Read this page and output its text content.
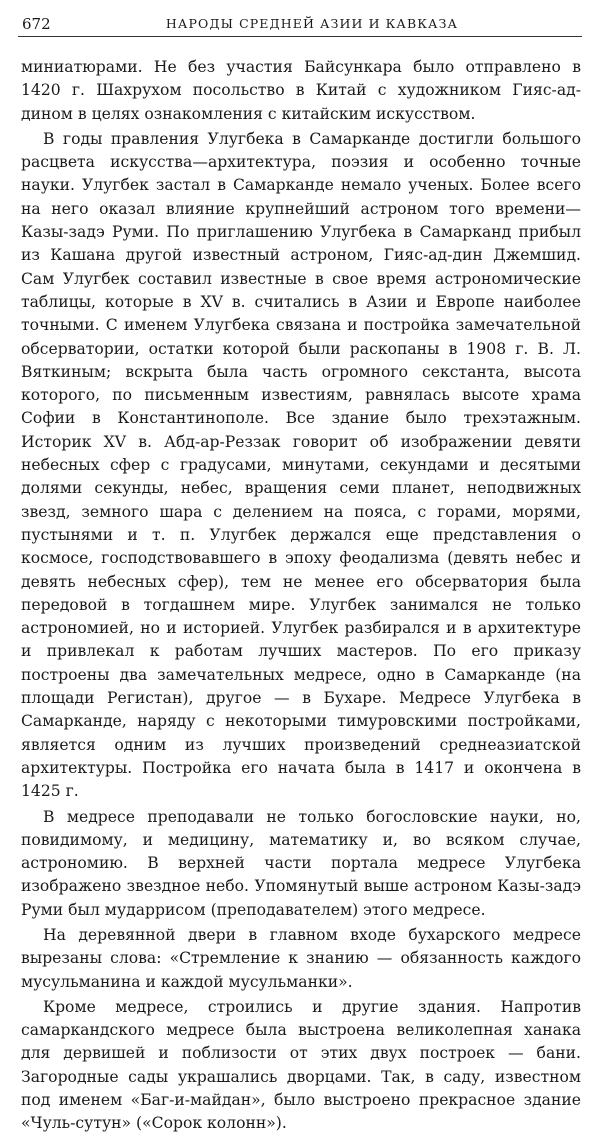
672	НАРОДЫ СРЕДНЕЙ АЗИИ И КАВКАЗА

миниатюрами. Не без участия Байсункара было отправлено в 1420 г. Шахрухом посольство в Китай с художником Гияс-ад-дином в целях ознакомления с китайским искусством.

В годы правления Улугбека в Самарканде достигли большого расцвета искусства—архитектура, поэзия и особенно точные науки. Улугбек застал в Самарканде немало ученых. Более всего на него оказал влияние крупнейший астроном того времени—Казы-задэ Руми. По приглашению Улугбека в Самарканд прибыл из Кашана другой известный астроном, Гияс-ад-дин Джемшид. Сам Улугбек составил известные в свое время астрономические таблицы, которые в XV в. считались в Азии и Европе наиболее точными. С именем Улугбека связана и постройка замечательной обсерватории, остатки которой были раскопаны в 1908 г. В. Л. Вяткиным; вскрыта была часть огромного секстанта, высота которого, по письменным известиям, равнялась высоте храма Софии в Константинополе. Все здание было трехэтажным. Историк XV в. Абд-ар-Реззак говорит об изображении девяти небесных сфер с градусами, минутами, секундами и десятыми долями секунды, небес, вращения семи планет, неподвижных звезд, земного шара с делением на пояса, с горами, морями, пустынями и т. п. Улугбек держался еще представления о космосе, господствовавшего в эпоху феодализма (девять небес и девять небесных сфер), тем не менее его обсерватория была передовой в тогдашнем мире. Улугбек занимался не только астрономией, но и историей. Улугбек разбирался и в архитектуре и привлекал к работам лучших мастеров. По его приказу построены два замечательных медресе, одно в Самарканде (на площади Регистан), другое — в Бухаре. Медресе Улугбека в Самарканде, наряду с некоторыми тимуровскими постройками, является одним из лучших произведений среднеазиатской архитектуры. Постройка его начата была в 1417 и окончена в 1425 г.

В медресе преподавали не только богословские науки, но, повидимому, и медицину, математику и, во всяком случае, астрономию. В верхней части портала медресе Улугбека изображено звездное небо. Упомянутый выше астроном Казы-задэ Руми был мударрисом (преподавателем) этого медресе.

На деревянной двери в главном входе бухарского медресе вырезаны слова: «Стремление к знанию — обязанность каждого мусульманина и каждой мусульманки».

Кроме медресе, строились и другие здания. Напротив самаркандского медресе была выстроена великолепная ханака для дервишей и поблизости от этих двух построек — бани. Загородные сады украшались дворцами. Так, в саду, известном под именем «Баг-и-майдан», было выстроено прекрасное здание «Чуль-сутун» («Сорок колонн»).
